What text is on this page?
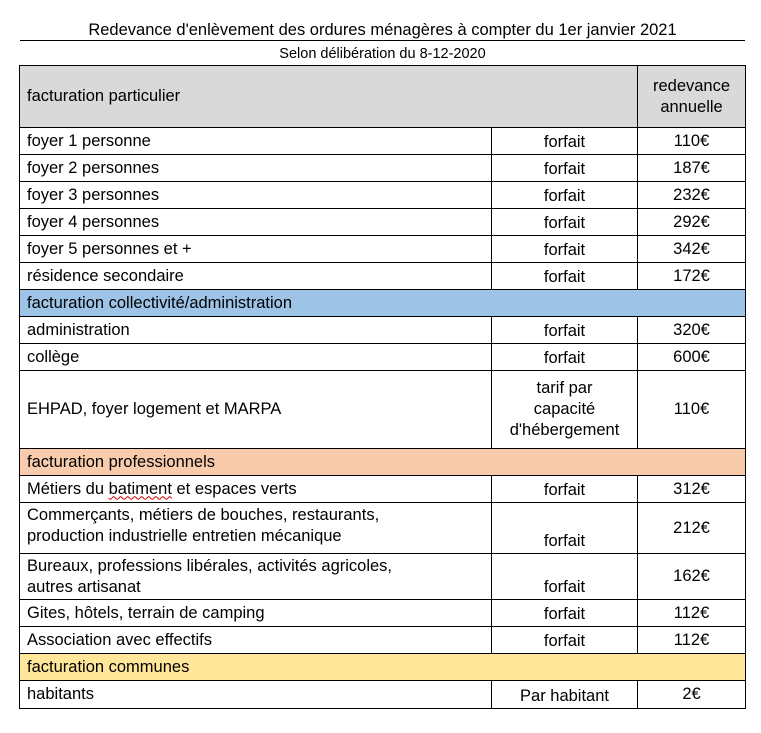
Redevance d'enlèvement des ordures ménagères à compter du 1er janvier 2021
Selon délibération du 8-12-2020
facturation particulier		redevance
annuelle

foyer 1 personne	forfait	110€
foyer 2 personnes	forfait	187€
foyer 3 personnes	forfait	232€
foyer 4 personnes	forfait	292€
foyer 5 personnes et +	forfait	342€
résidence secondaire	forfait	172€
facturation collectivité/administration		
administration	forfait	320€
collège	forfait	600€
EHPAD, foyer logement et MARPA	tarif par
capacité
d'hébergement	110€
facturation professionnels		
Métiers du batiment et espaces verts	forfait	312€

Commerçants, métiers de bouches, restaurants,
production industrielle entretien mécanique	forfait	212€

Bureaux, professions libérales, activités agricoles,
autres artisanat	forfait	162€
Gites, hôtels, terrain de camping	forfait	112€
Association avec effectifs	forfait	112€
facturation communes		
habitants	Par habitant	2€
